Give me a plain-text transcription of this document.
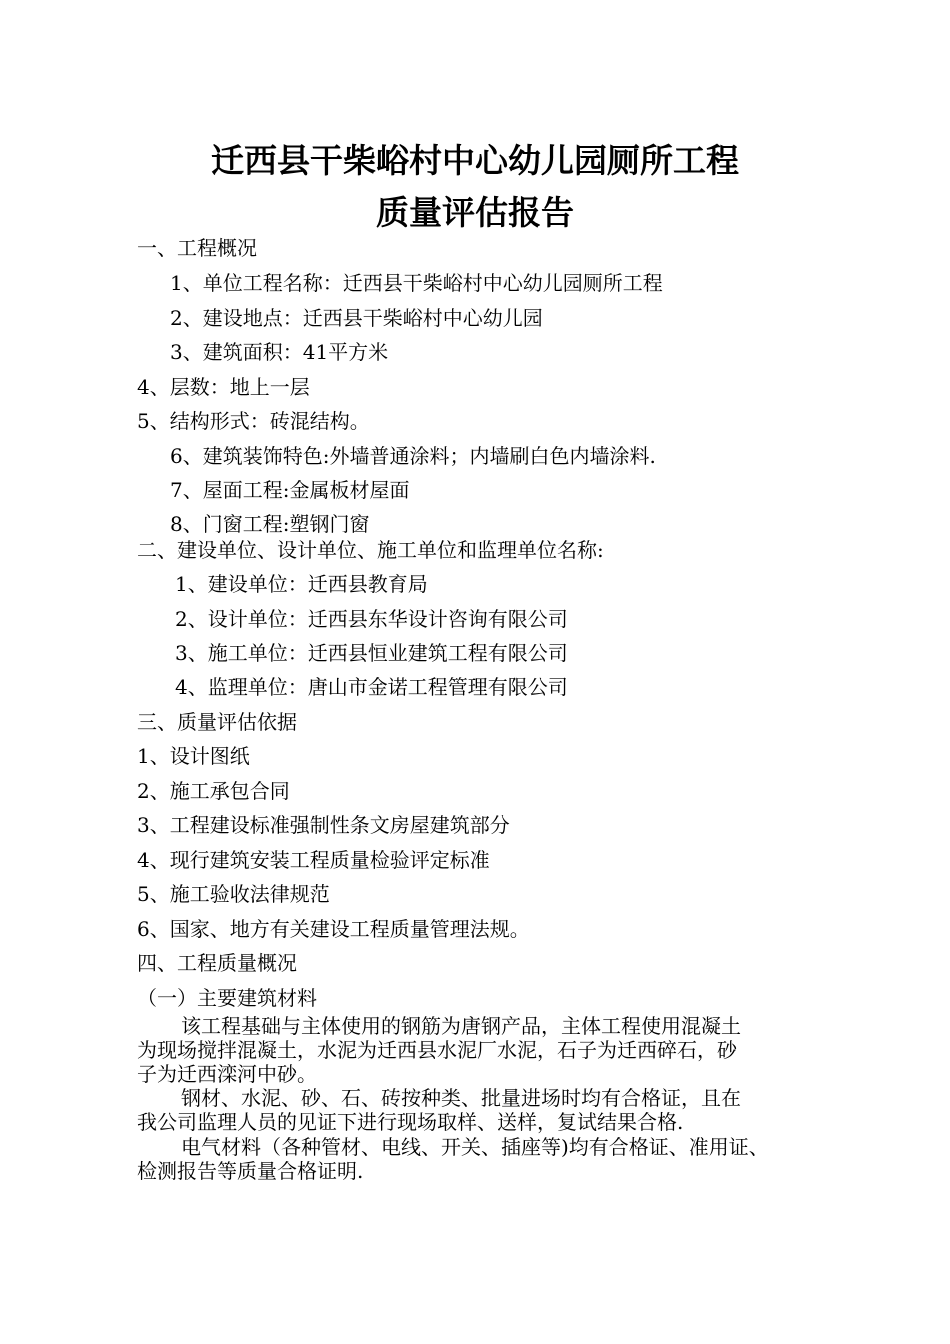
迁西县干柴峪村中心幼儿园厕所工程
质量评估报告
一、工程概况
1、单位工程名称：迁西县干柴峪村中心幼儿园厕所工程
2、建设地点：迁西县干柴峪村中心幼儿园
3、建筑面积：41平方米
4、层数：地上一层
5、结构形式：砖混结构。
6、建筑装饰特色:外墙普通涂料；内墙刷白色内墙涂料.
7、屋面工程:金属板材屋面
8、门窗工程:塑钢门窗
二、建设单位、设计单位、施工单位和监理单位名称:
1、建设单位：迁西县教育局
2、设计单位：迁西县东华设计咨询有限公司
3、施工单位：迁西县恒业建筑工程有限公司
4、监理单位：唐山市金诺工程管理有限公司
三、质量评估依据
1、设计图纸
2、施工承包合同
3、工程建设标准强制性条文房屋建筑部分
4、现行建筑安装工程质量检验评定标准
5、施工验收法律规范
6、国家、地方有关建设工程质量管理法规。
四、工程质量概况
（一）主要建筑材料
该工程基础与主体使用的钢筋为唐钢产品，主体工程使用混凝土
为现场搅拌混凝土，水泥为迁西县水泥厂水泥，石子为迁西碎石，砂
子为迁西滦河中砂。
钢材、水泥、砂、石、砖按种类、批量进场时均有合格证，且在
我公司监理人员的见证下进行现场取样、送样，复试结果合格.
电气材料（各种管材、电线、开关、插座等)均有合格证、准用证、
检测报告等质量合格证明.
